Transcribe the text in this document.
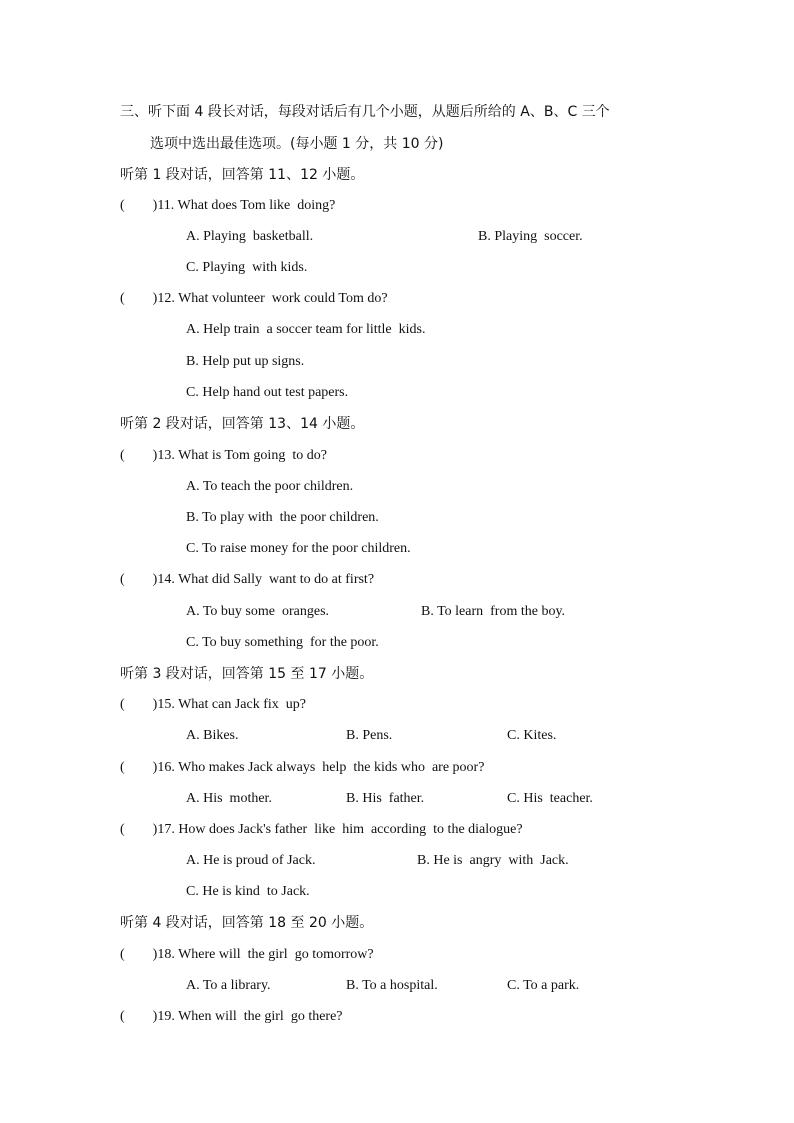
三、听下面 4 段长对话，每段对话后有几个小题，从题后所给的 A、B、C 三个
选项中选出最佳选项。(每小题 1 分，共 10 分)
听第 1 段对话，回答第 11、12 小题。
(　　)11. What does Tom like  doing?
A. Playing  basketball.	B. Playing  soccer.
C. Playing  with kids.
(　　)12. What volunteer  work could Tom do?
A. Help train  a soccer team for little  kids.
B. Help put up signs.
C. Help hand out test papers.
听第 2 段对话，回答第 13、14 小题。
(　　)13. What is Tom going  to do?
A. To teach the poor children.
B. To play with  the poor children.
C. To raise money for the poor children.
(　　)14. What did Sally  want to do at first?
A. To buy some  oranges.	B. To learn  from the boy.
C. To buy something  for the poor.
听第 3 段对话，回答第 15 至 17 小题。
(　　)15. What can Jack fix  up?
A. Bikes.	B. Pens.	C. Kites.
(　　)16. Who makes Jack always  help  the kids who  are poor?
A. His  mother.	B. His  father.	C. His  teacher.
(　　)17. How does Jack's father  like  him  according  to the dialogue?
A. He is proud of Jack.	B. He is  angry  with  Jack.
C. He is kind  to Jack.
听第 4 段对话，回答第 18 至 20 小题。
(　　)18. Where will  the girl  go tomorrow?
A. To a library.	B. To a hospital.	C. To a park.
(　　)19. When will  the girl  go there?
